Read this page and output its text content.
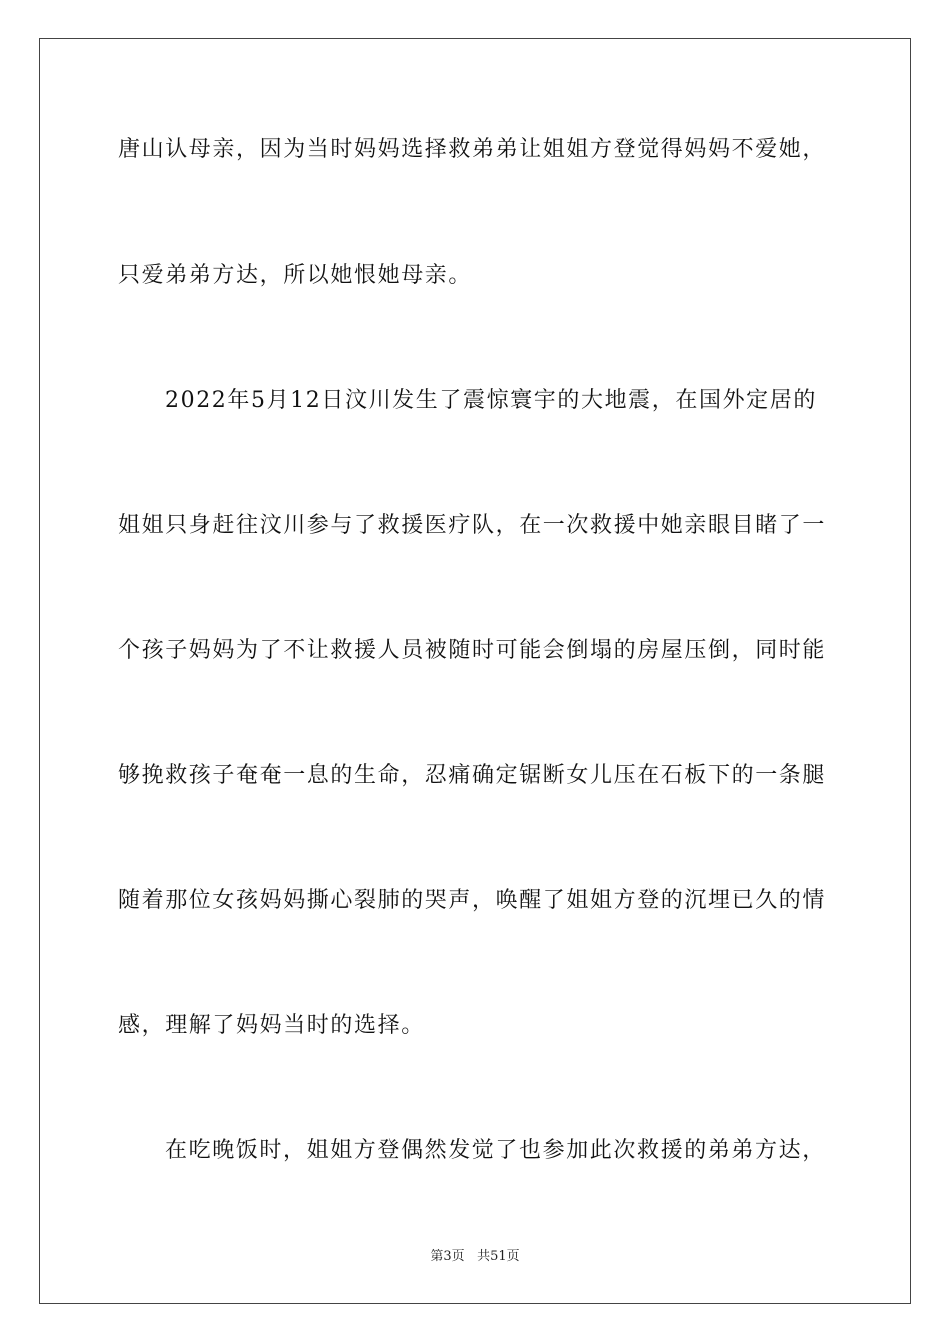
唐山认母亲，因为当时妈妈选择救弟弟让姐姐方登觉得妈妈不爱她，
只爱弟弟方达，所以她恨她母亲。
2022年5月12日汶川发生了震惊寰宇的大地震，在国外定居的
姐姐只身赶往汶川参与了救援医疗队，在一次救援中她亲眼目睹了一
个孩子妈妈为了不让救援人员被随时可能会倒塌的房屋压倒，同时能
够挽救孩子奄奄一息的生命，忍痛确定锯断女儿压在石板下的一条腿
随着那位女孩妈妈撕心裂肺的哭声，唤醒了姐姐方登的沉埋已久的情
感，理解了妈妈当时的选择。
在吃晚饭时，姐姐方登偶然发觉了也参加此次救援的弟弟方达，
第3页 共51页
